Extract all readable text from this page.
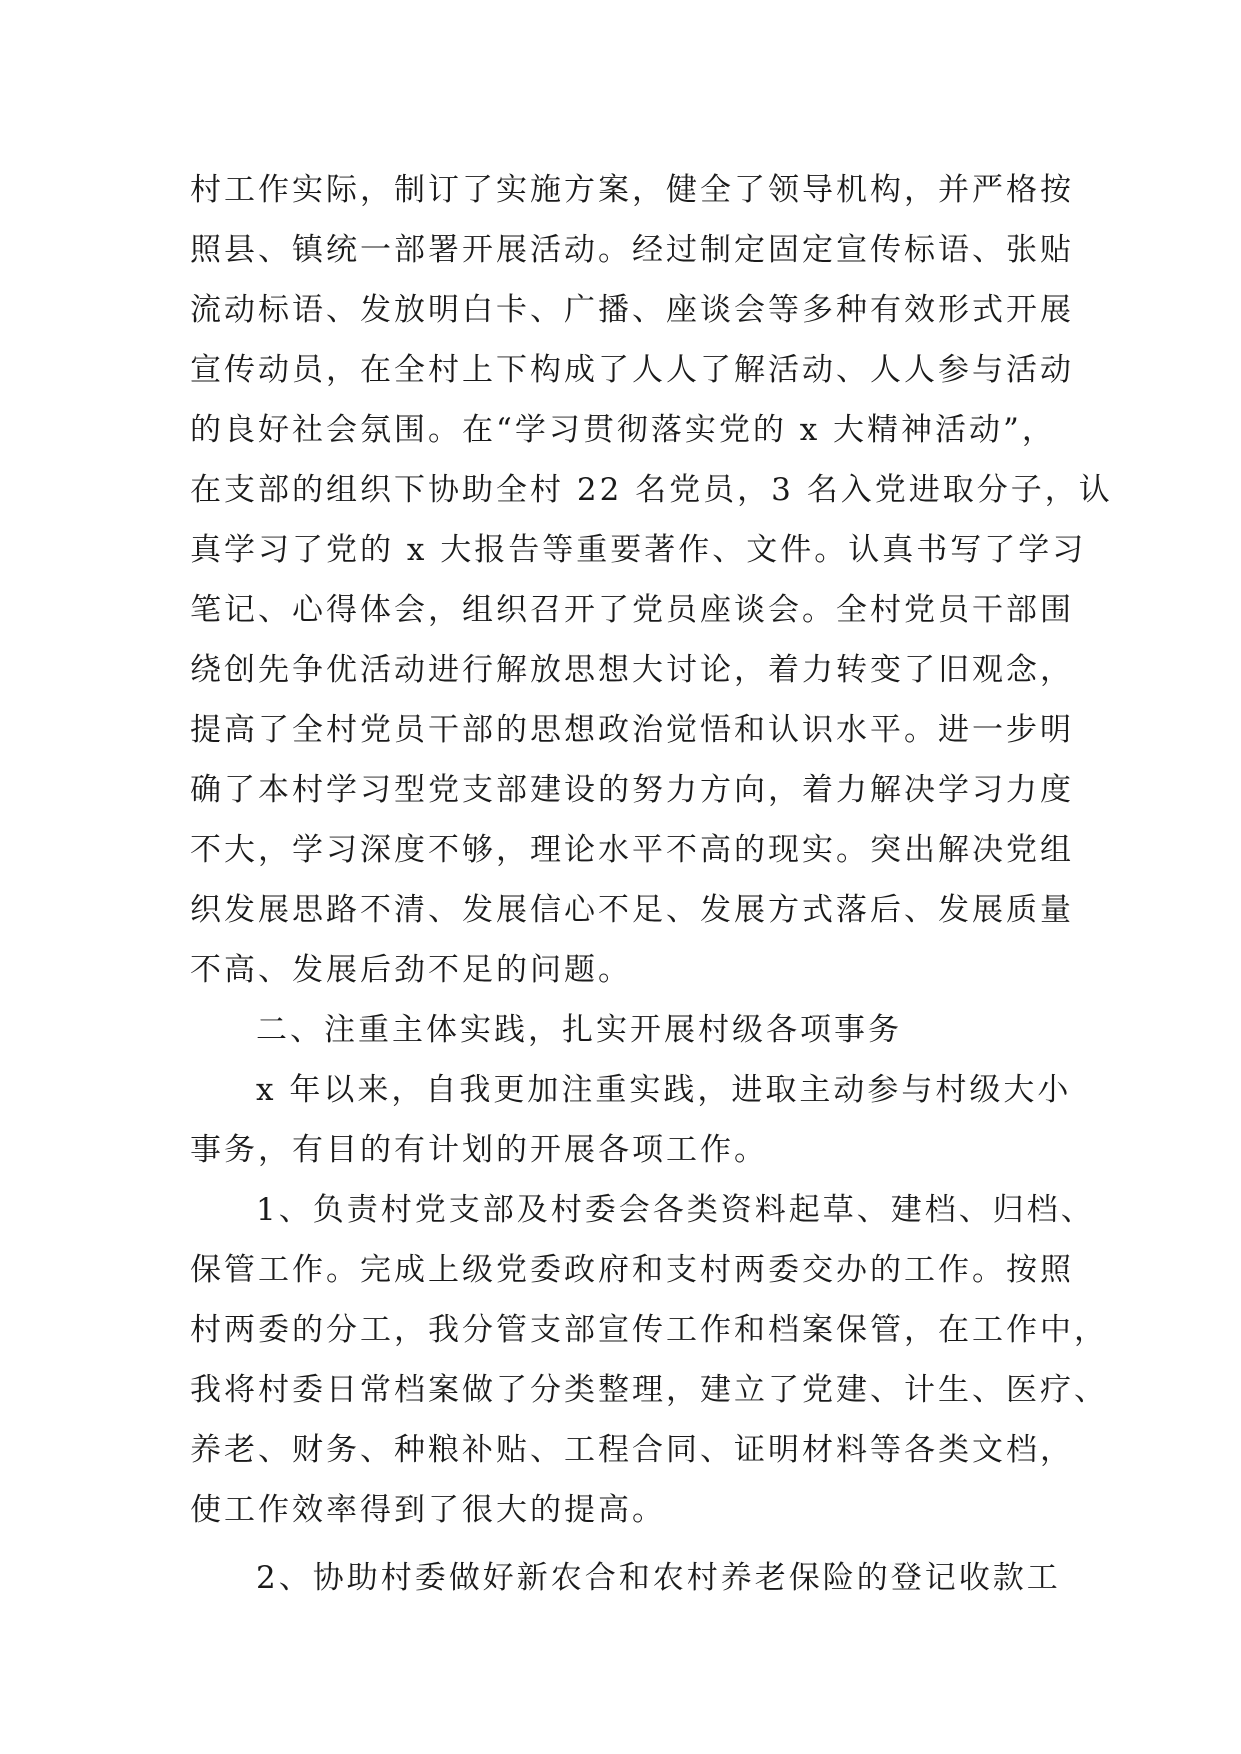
村工作实际，制订了实施方案，健全了领导机构，并严格按
照县、镇统一部署开展活动。经过制定固定宣传标语、张贴
流动标语、发放明白卡、广播、座谈会等多种有效形式开展
宣传动员，在全村上下构成了人人了解活动、人人参与活动
的良好社会氛围。在“学习贯彻落实党的 x 大精神活动”，
在支部的组织下协助全村 22 名党员，3 名入党进取分子，认
真学习了党的 x 大报告等重要著作、文件。认真书写了学习
笔记、心得体会，组织召开了党员座谈会。全村党员干部围
绕创先争优活动进行解放思想大讨论，着力转变了旧观念，
提高了全村党员干部的思想政治觉悟和认识水平。进一步明
确了本村学习型党支部建设的努力方向，着力解决学习力度
不大，学习深度不够，理论水平不高的现实。突出解决党组
织发展思路不清、发展信心不足、发展方式落后、发展质量
不高、发展后劲不足的问题。
二、注重主体实践，扎实开展村级各项事务
x 年以来，自我更加注重实践，进取主动参与村级大小
事务，有目的有计划的开展各项工作。
1、负责村党支部及村委会各类资料起草、建档、归档、
保管工作。完成上级党委政府和支村两委交办的工作。按照
村两委的分工，我分管支部宣传工作和档案保管，在工作中，
我将村委日常档案做了分类整理，建立了党建、计生、医疗、
养老、财务、种粮补贴、工程合同、证明材料等各类文档，
使工作效率得到了很大的提高。
2、协助村委做好新农合和农村养老保险的登记收款工
